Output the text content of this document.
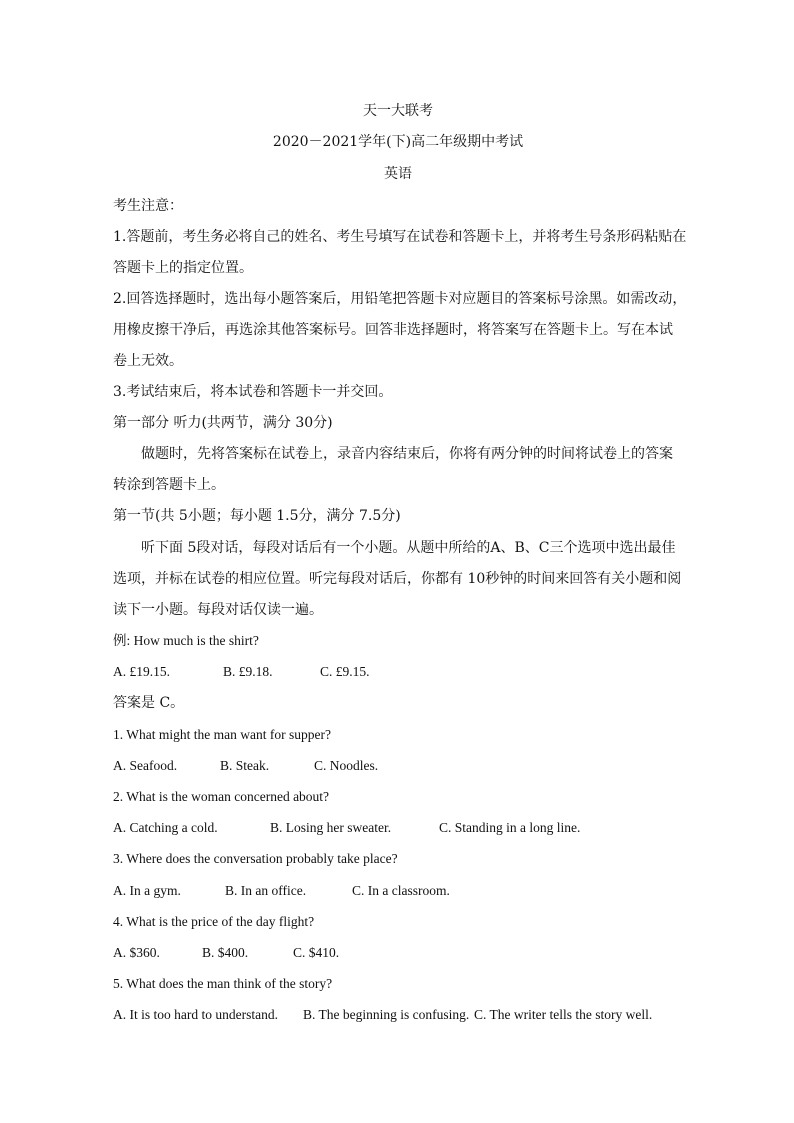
天一大联考
2020－2021学年(下)高二年级期中考试
英语
考生注意：
1.答题前，考生务必将自己的姓名、考生号填写在试卷和答题卡上，并将考生号条形码粘贴在
答题卡上的指定位置。
2.回答选择题时，选出每小题答案后，用铅笔把答题卡对应题目的答案标号涂黑。如需改动，
用橡皮擦干净后，再选涂其他答案标号。回答非选择题时，将答案写在答题卡上。写在本试
卷上无效。
3.考试结束后，将本试卷和答题卡一并交回。
第一部分 听力(共两节，满分 30分)
做题时，先将答案标在试卷上，录音内容结束后，你将有两分钟的时间将试卷上的答案
转涂到答题卡上。
第一节(共 5小题；每小题 1.5分，满分 7.5分)
听下面 5段对话，每段对话后有一个小题。从题中所给的A、B、C三个选项中选出最佳
选项，并标在试卷的相应位置。听完每段对话后，你都有 10秒钟的时间来回答有关小题和阅
读下一小题。每段对话仅读一遍。
例: How much is the shirt?
A. £19.15.	B. £9.18.	C. £9.15.
答案是 C。
1. What might the man want for supper?
A. Seafood.	B. Steak.	C. Noodles.
2. What is the woman concerned about?
A. Catching a cold.	B. Losing her sweater.	C. Standing in a long line.
3. Where does the conversation probably take place?
A. In a gym.	B. In an office.	C. In a classroom.
4. What is the price of the day flight?
A. $360.	B. $400.	C. $410.
5. What does the man think of the story?
A. It is too hard to understand. B. The beginning is confusing. C. The writer tells the story well.
